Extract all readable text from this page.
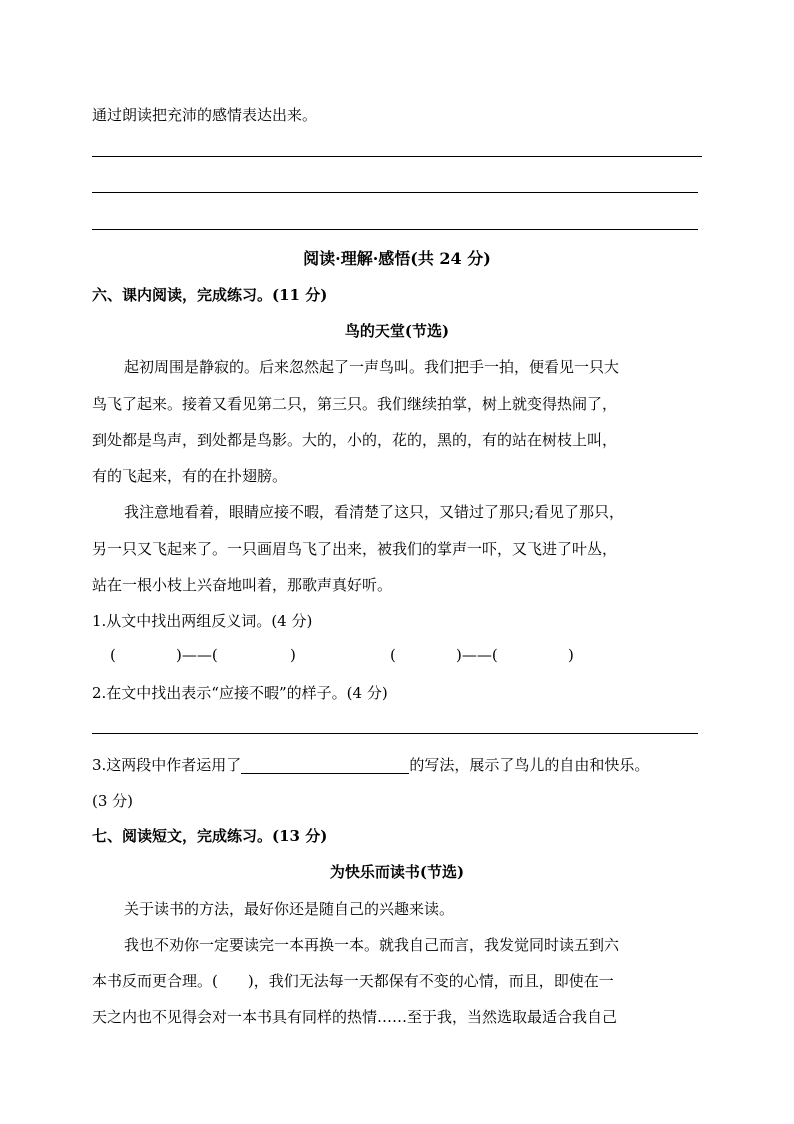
通过朗读把充沛的感情表达出来。
阅读·理解·感悟(共 24 分)
六、课内阅读，完成练习。(11 分)
鸟的天堂(节选)
起初周围是静寂的。后来忽然起了一声鸟叫。我们把手一拍，便看见一只大
鸟飞了起来。接着又看见第二只，第三只。我们继续拍掌，树上就变得热闹了，
到处都是鸟声，到处都是鸟影。大的，小的，花的，黑的，有的站在树枝上叫，
有的飞起来，有的在扑翅膀。
我注意地看着，眼睛应接不暇，看清楚了这只，又错过了那只;看见了那只，
另一只又飞起来了。一只画眉鸟飞了出来，被我们的掌声一吓，又飞进了叶丛，
站在一根小枝上兴奋地叫着，那歌声真好听。
1.从文中找出两组反义词。(4 分)
(	)——(	)	(	)——(	)
2.在文中找出表示“应接不暇”的样子。(4 分)
3.这两段中作者运用了	的写法，展示了鸟儿的自由和快乐。
(3 分)
七、阅读短文，完成练习。(13 分)
为快乐而读书(节选)
关于读书的方法，最好你还是随自己的兴趣来读。
我也不劝你一定要读完一本再换一本。就我自己而言，我发觉同时读五到六
本书反而更合理。(　　)，我们无法每一天都保有不变的心情，而且，即使在一
天之内也不见得会对一本书具有同样的热情……至于我，当然选取最适合我自己
